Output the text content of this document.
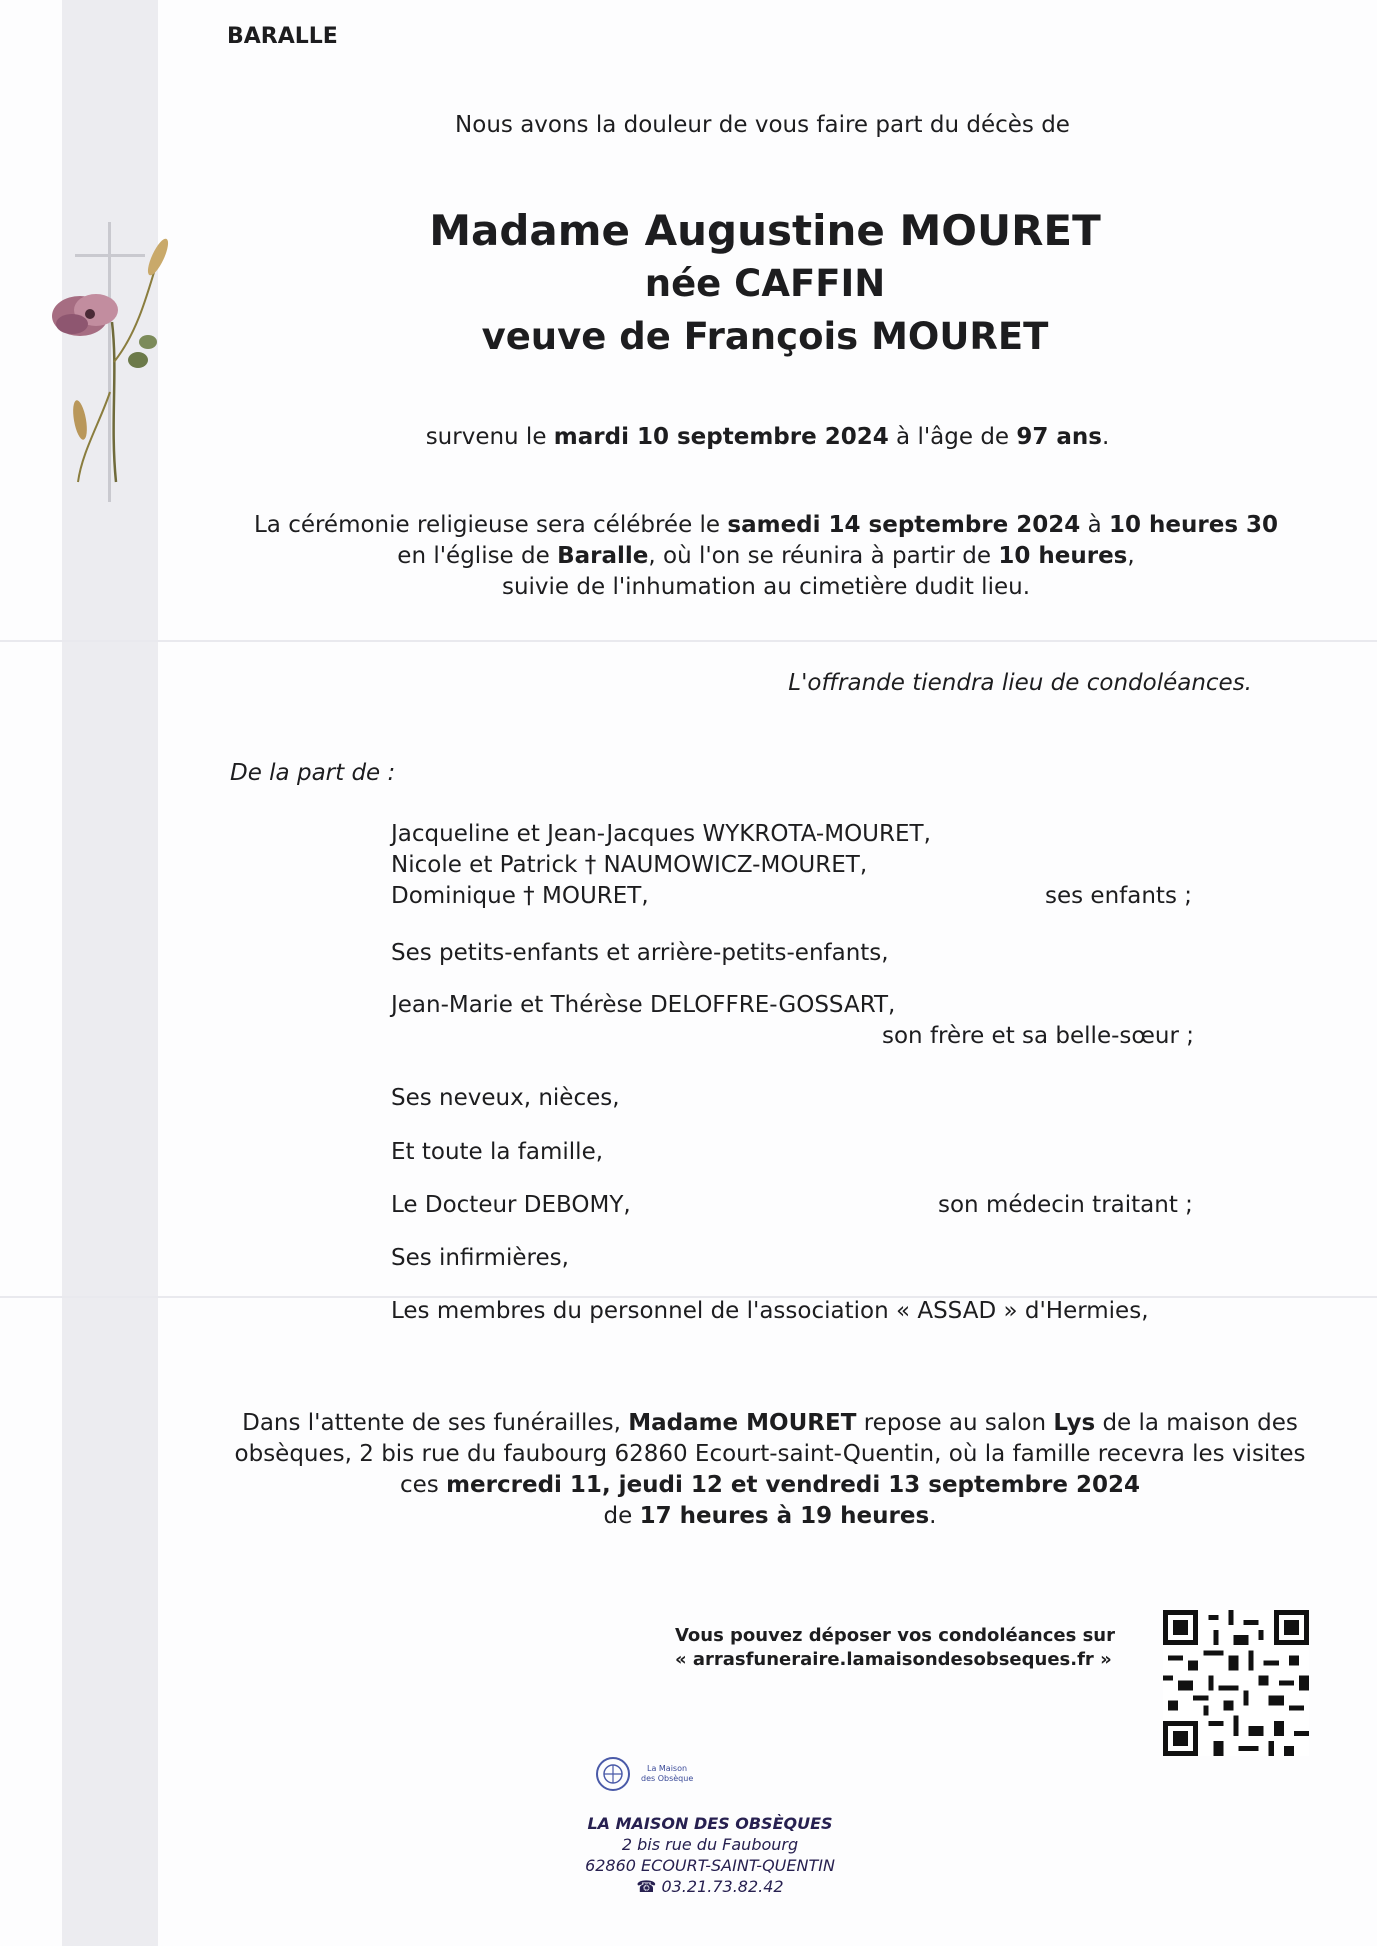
BARALLE
Nous avons la douleur de vous faire part du décès de
Madame Augustine MOURET
née CAFFIN
veuve de François MOURET
survenu le mardi 10 septembre 2024 à l'âge de 97 ans.
La cérémonie religieuse sera célébrée le samedi 14 septembre 2024 à 10 heures 30
en l'église de Baralle, où l'on se réunira à partir de 10 heures,
suivie de l'inhumation au cimetière dudit lieu.
L'offrande tiendra lieu de condoléances.
De la part de :
Jacqueline et Jean-Jacques WYKROTA-MOURET,
Nicole et Patrick † NAUMOWICZ-MOURET,
Dominique † MOURET,	ses enfants ;
Ses petits-enfants et arrière-petits-enfants,
Jean-Marie et Thérèse DELOFFRE-GOSSART,
son frère et sa belle-sœur ;
Ses neveux, nièces,
Et toute la famille,
Le Docteur DEBOMY,	son médecin traitant ;
Ses infirmières,
Les membres du personnel de l'association « ASSAD » d'Hermies,
Dans l'attente de ses funérailles, Madame MOURET repose au salon Lys de la maison des
obsèques, 2 bis rue du faubourg 62860 Ecourt-saint-Quentin, où la famille recevra les visites
ces mercredi 11, jeudi 12 et vendredi 13 septembre 2024
de 17 heures à 19 heures.
Vous pouvez déposer vos condoléances sur
« arrasfuneraire.lamaisondesobseques.fr »
La Maison
des Obsèques
LA MAISON DES OBSÈQUES
2 bis rue du Faubourg
62860 ECOURT-SAINT-QUENTIN
☎ 03.21.73.82.42
